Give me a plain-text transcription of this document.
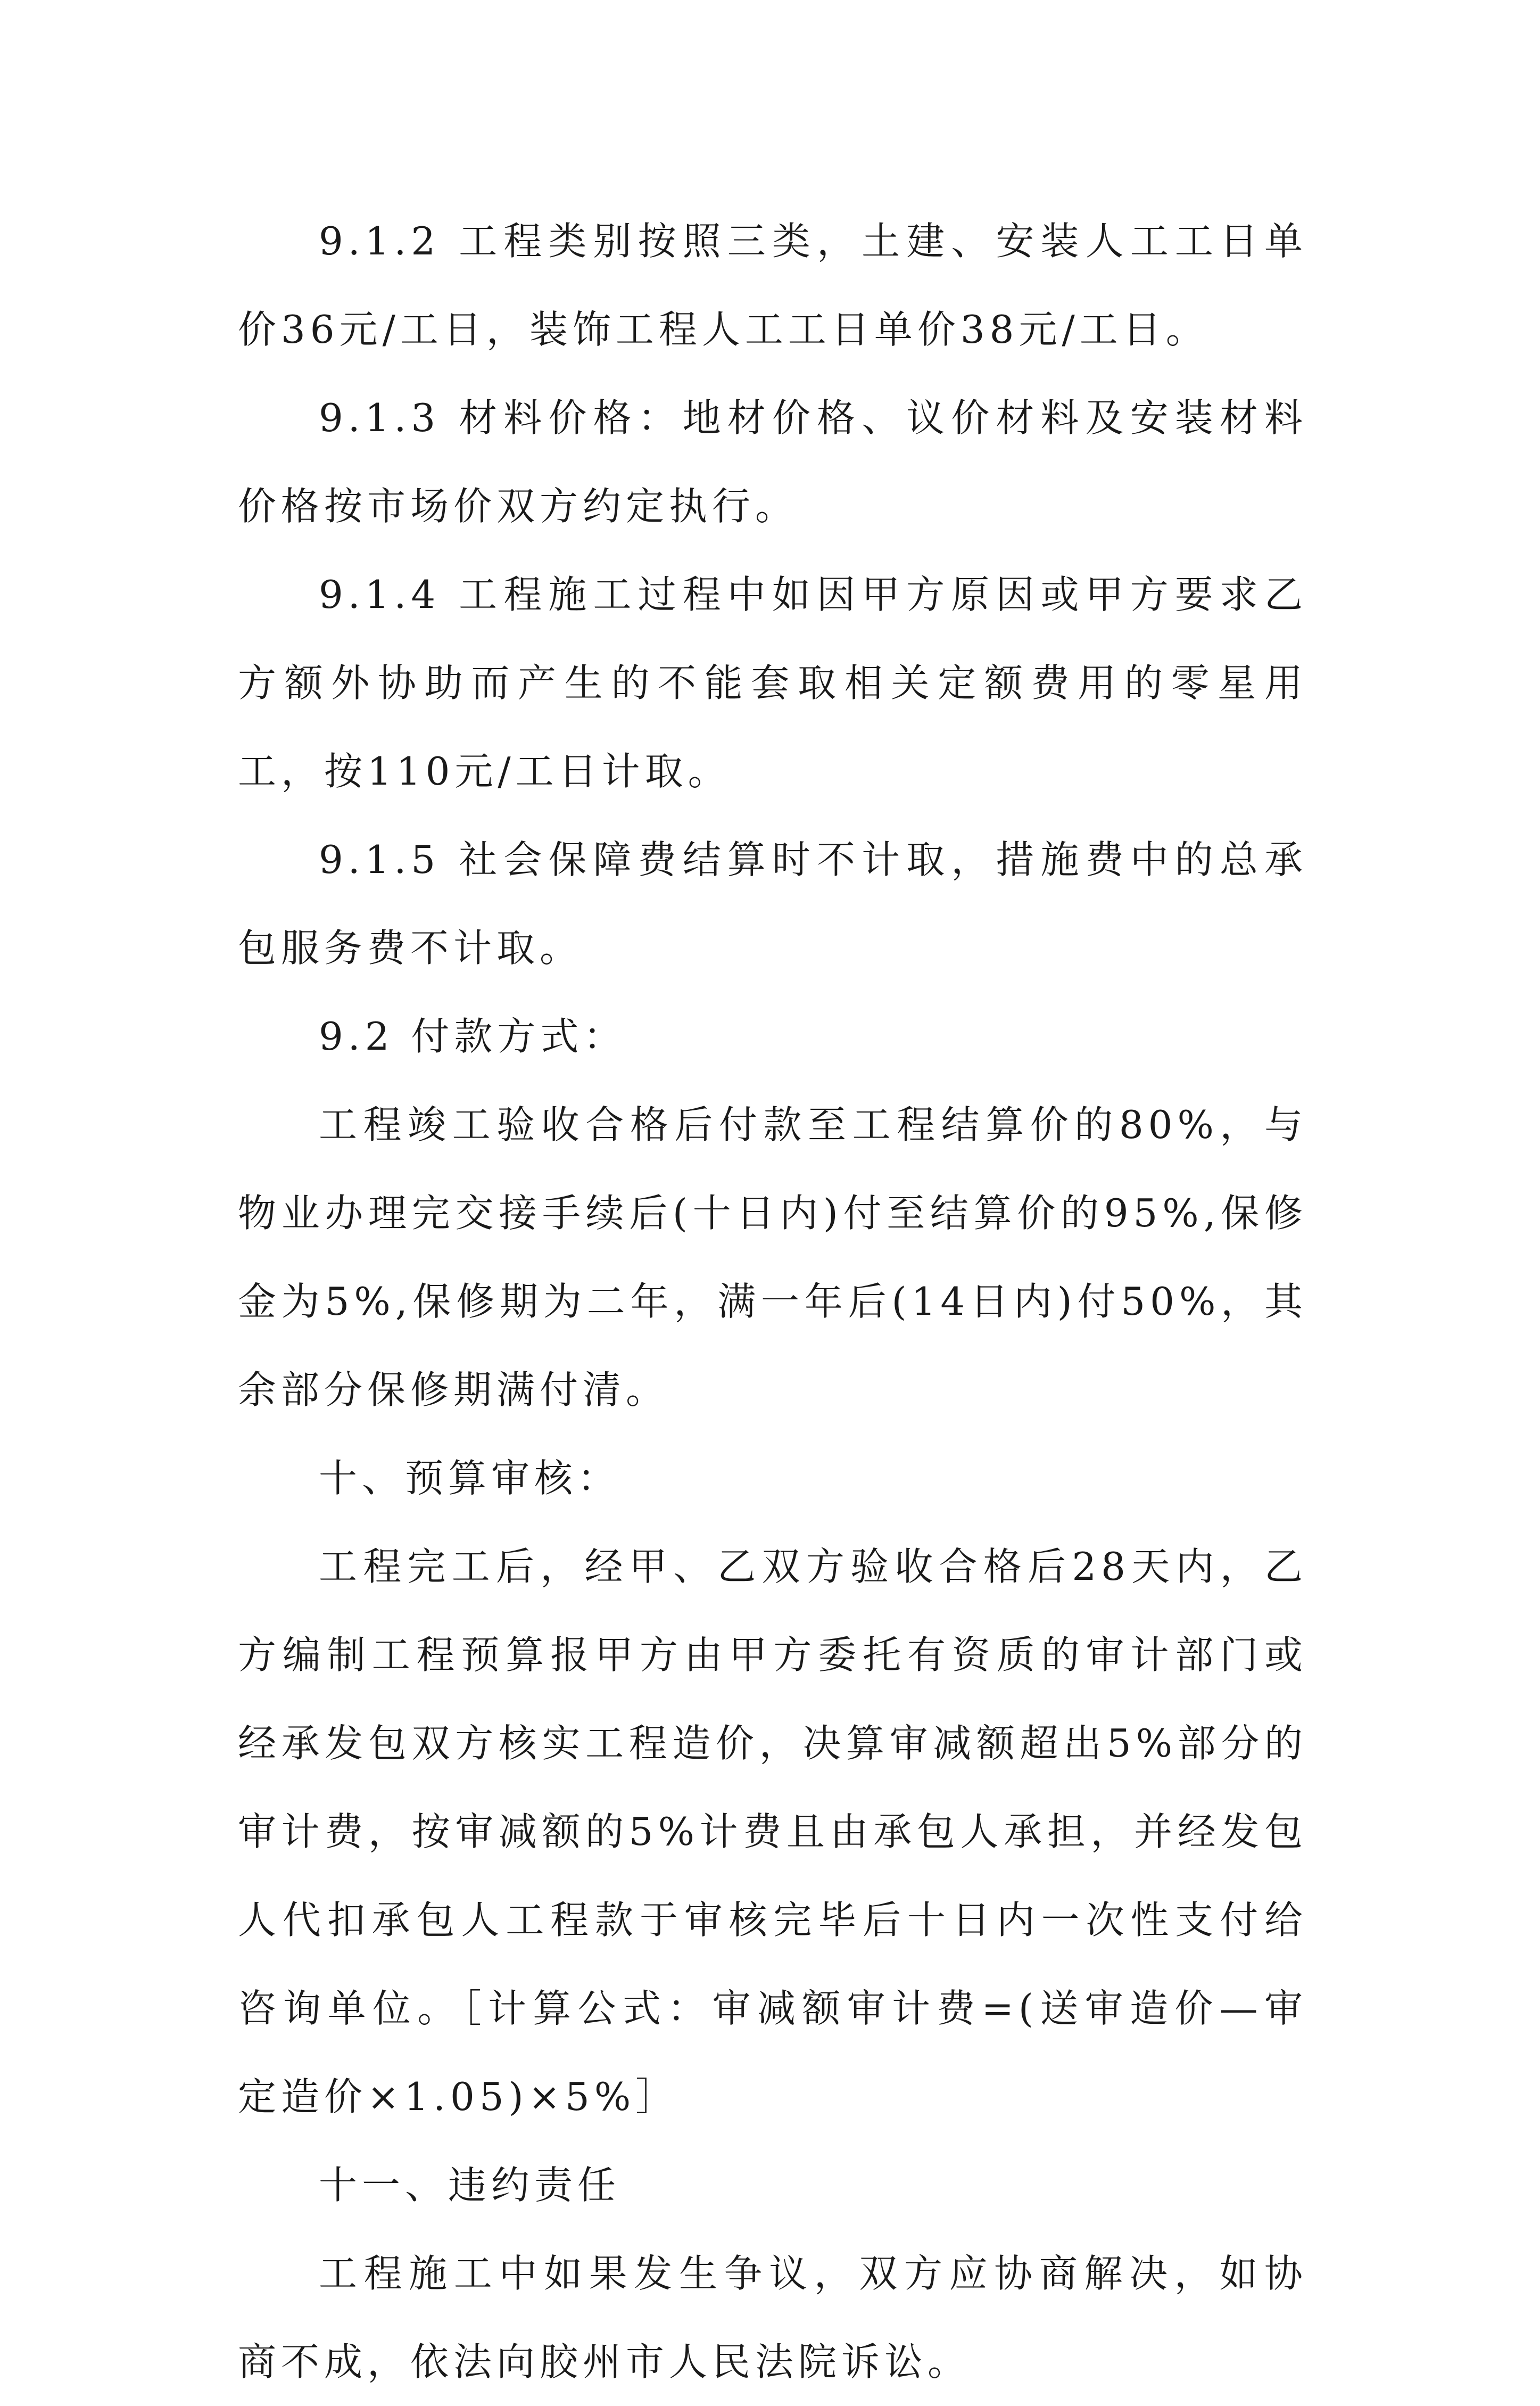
9.1.2 工程类别按照三类，土建、安装人工工日单价36元/工日，装饰工程人工工日单价38元/工日。

9.1.3 材料价格：地材价格、议价材料及安装材料价格按市场价双方约定执行。

9.1.4 工程施工过程中如因甲方原因或甲方要求乙方额外协助而产生的不能套取相关定额费用的零星用工，按110元/工日计取。

9.1.5 社会保障费结算时不计取，措施费中的总承包服务费不计取。

9.2 付款方式：

工程竣工验收合格后付款至工程结算价的80%，与物业办理完交接手续后(十日内)付至结算价的95%,保修金为5%,保修期为二年，满一年后(14日内)付50%，其余部分保修期满付清。

十、预算审核：

工程完工后，经甲、乙双方验收合格后28天内，乙方编制工程预算报甲方由甲方委托有资质的审计部门或经承发包双方核实工程造价，决算审减额超出5%部分的审计费，按审减额的5%计费且由承包人承担，并经发包人代扣承包人工程款于审核完毕后十日内一次性支付给咨询单位。［计算公式：审减额审计费=(送审造价—审定造价×1.05)×5%］

十一、违约责任

工程施工中如果发生争议，双方应协商解决，如协商不成，依法向胶州市人民法院诉讼。
